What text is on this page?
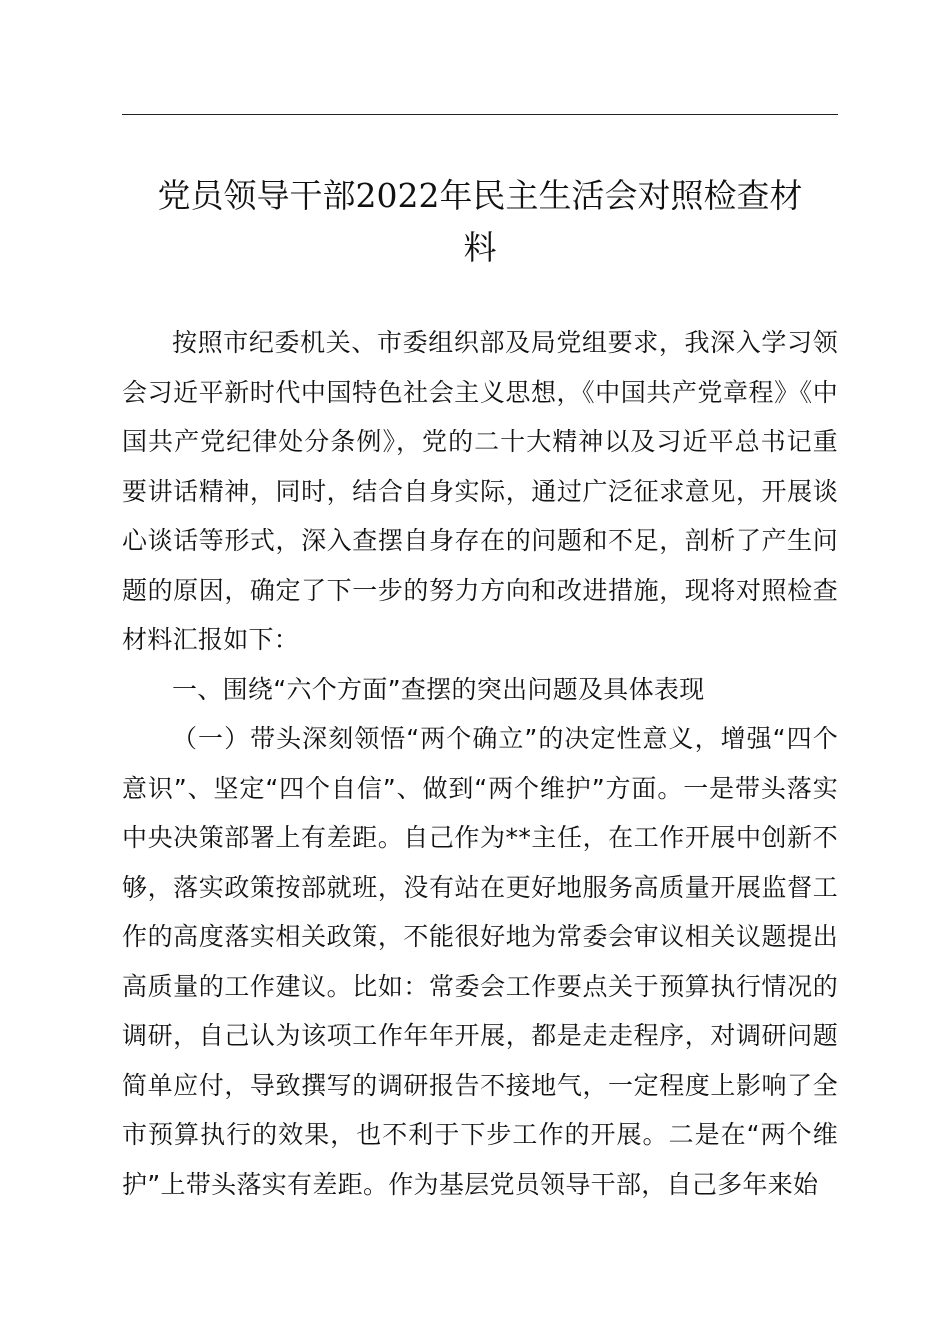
党员领导干部2022年民主生活会对照检查材
料

按照市纪委机关、市委组织部及局党组要求，我深入学习领会习近平新时代中国特色社会主义思想，《中国共产党章程》《中国共产党纪律处分条例》，党的二十大精神以及习近平总书记重要讲话精神，同时，结合自身实际，通过广泛征求意见，开展谈心谈话等形式，深入查摆自身存在的问题和不足，剖析了产生问题的原因，确定了下一步的努力方向和改进措施，现将对照检查材料汇报如下：

一、围绕“六个方面”查摆的突出问题及具体表现

（一）带头深刻领悟“两个确立”的决定性意义，增强“四个意识”、坚定“四个自信”、做到“两个维护”方面。一是带头落实中央决策部署上有差距。自己作为**主任，在工作开展中创新不够，落实政策按部就班，没有站在更好地服务高质量开展监督工作的高度落实相关政策，不能很好地为常委会审议相关议题提出高质量的工作建议。比如：常委会工作要点关于预算执行情况的调研，自己认为该项工作年年开展，都是走走程序，对调研问题简单应付，导致撰写的调研报告不接地气，一定程度上影响了全市预算执行的效果，也不利于下步工作的开展。二是在“两个维护”上带头落实有差距。作为基层党员领导干部，自己多年来始
